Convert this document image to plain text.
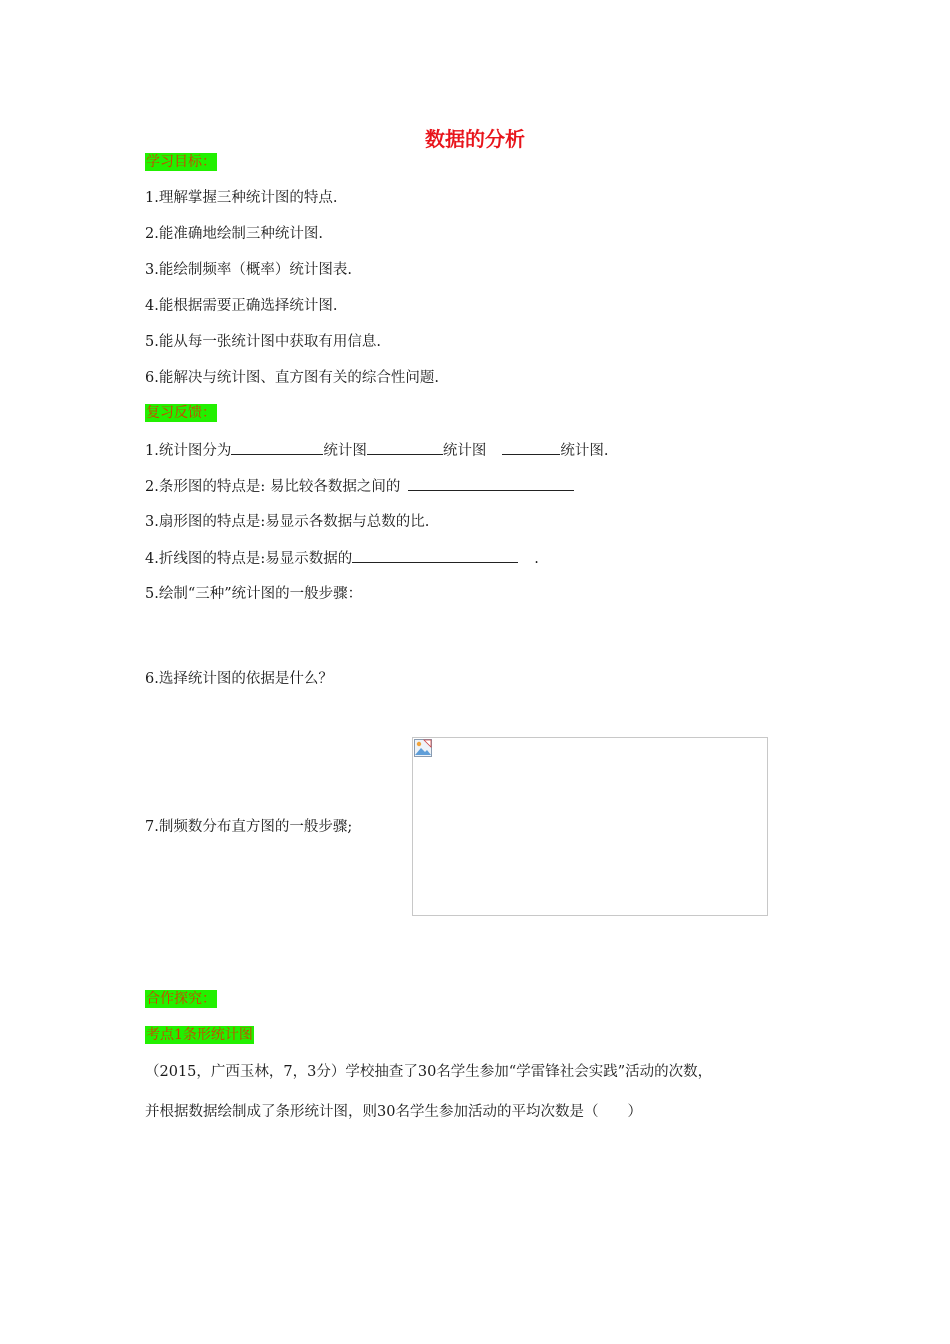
数据的分析
学习目标：
1.理解掌握三种统计图的特点.
2.能准确地绘制三种统计图.
3.能绘制频率（概率）统计图表.
4.能根据需要正确选择统计图.
5.能从每一张统计图中获取有用信息.
6.能解决与统计图、直方图有关的综合性问题.
复习反馈：
1.统计图分为	统计图	统计图	统计图.
2.条形图的特点是: 易比较各数据之间的
3.扇形图的特点是:易显示各数据与总数的比.
4.折线图的特点是:易显示数据的	.
5.绘制“三种”统计图的一般步骤：
6.选择统计图的依据是什么？
7.制频数分布直方图的一般步骤;
合作探究：
考点1条形统计图
（2015，广西玉林，7，3分）学校抽查了30名学生参加“学雷锋社会实践”活动的次数，
并根据数据绘制成了条形统计图，则30名学生参加活动的平均次数是（　　）
